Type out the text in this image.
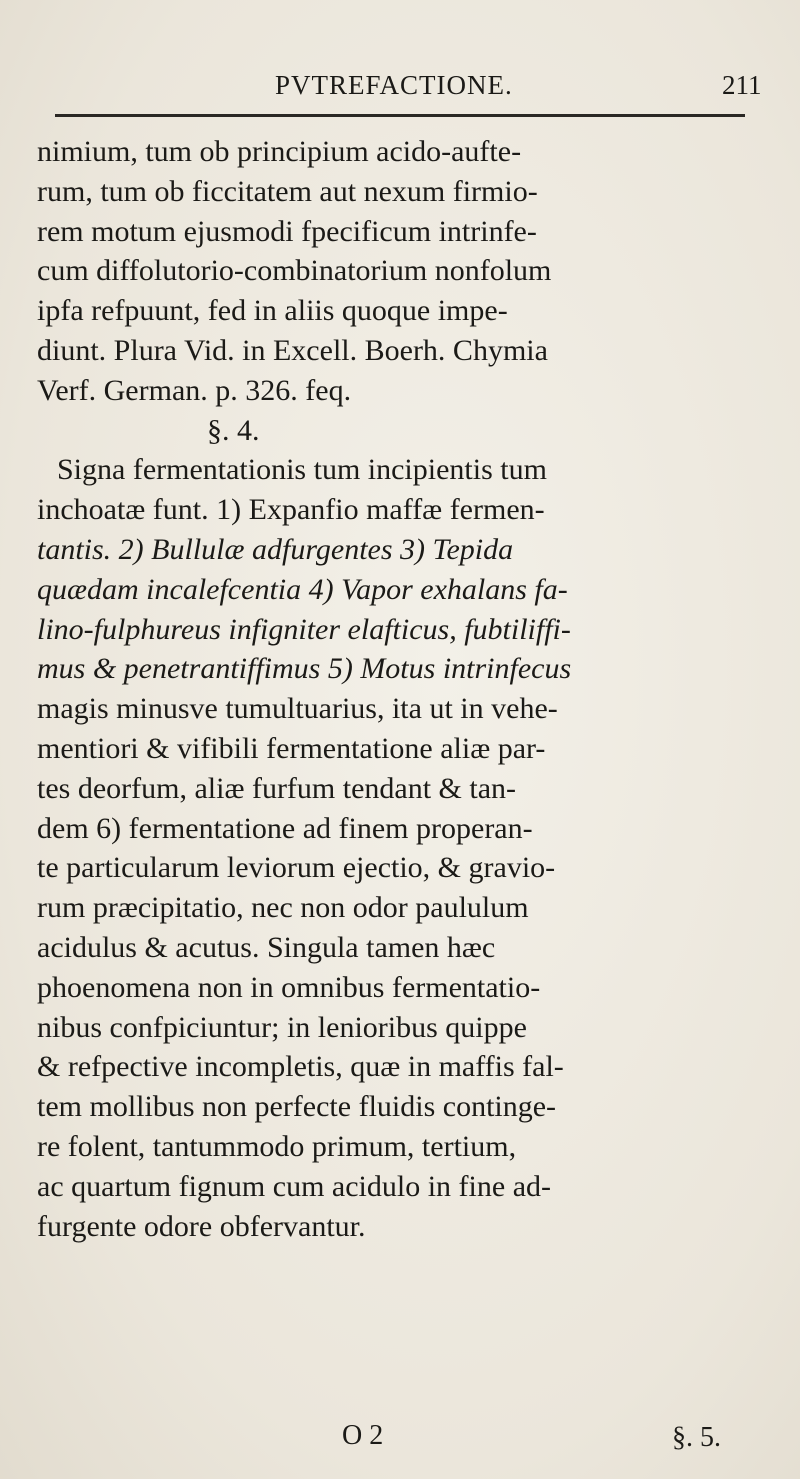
PVTREFACTIONE.	211
nimium, tum ob principium acido-aufte-
rum, tum ob ficcitatem aut nexum firmio-
rem motum ejusmodi fpecificum intrinfe-
cum diffolutorio-combinatorium nonfolum
ipfa refpuunt, fed in aliis quoque impe-
diunt. Plura Vid. in Excell. Boerh. Chymia
Verf. German. p. 326. feq.
§. 4.
Signa fermentationis tum incipientis tum
inchoatæ funt. 1) Expanfio maffæ fermen-
tantis. 2) Bullulæ adfurgentes 3) Tepida
quædam incalefcentia 4) Vapor exhalans fa-
lino-fulphureus infigniter elafticus, fubtiliffi-
mus & penetrantiffimus 5) Motus intrinfecus
magis minusve tumultuarius, ita ut in vehe-
mentiori & vifibili fermentatione aliæ par-
tes deorfum, aliæ furfum tendant & tan-
dem 6) fermentatione ad finem properan-
te particularum leviorum ejectio, & gravio-
rum præcipitatio, nec non odor paululum
acidulus & acutus. Singula tamen hæc
phoenomena non in omnibus fermentatio-
nibus confpiciuntur; in lenioribus quippe
& refpective incompletis, quæ in maffis fal-
tem mollibus non perfecte fluidis continge-
re folent, tantummodo primum, tertium,
ac quartum fignum cum acidulo in fine ad-
furgente odore obfervantur.
O 2	§. 5.
